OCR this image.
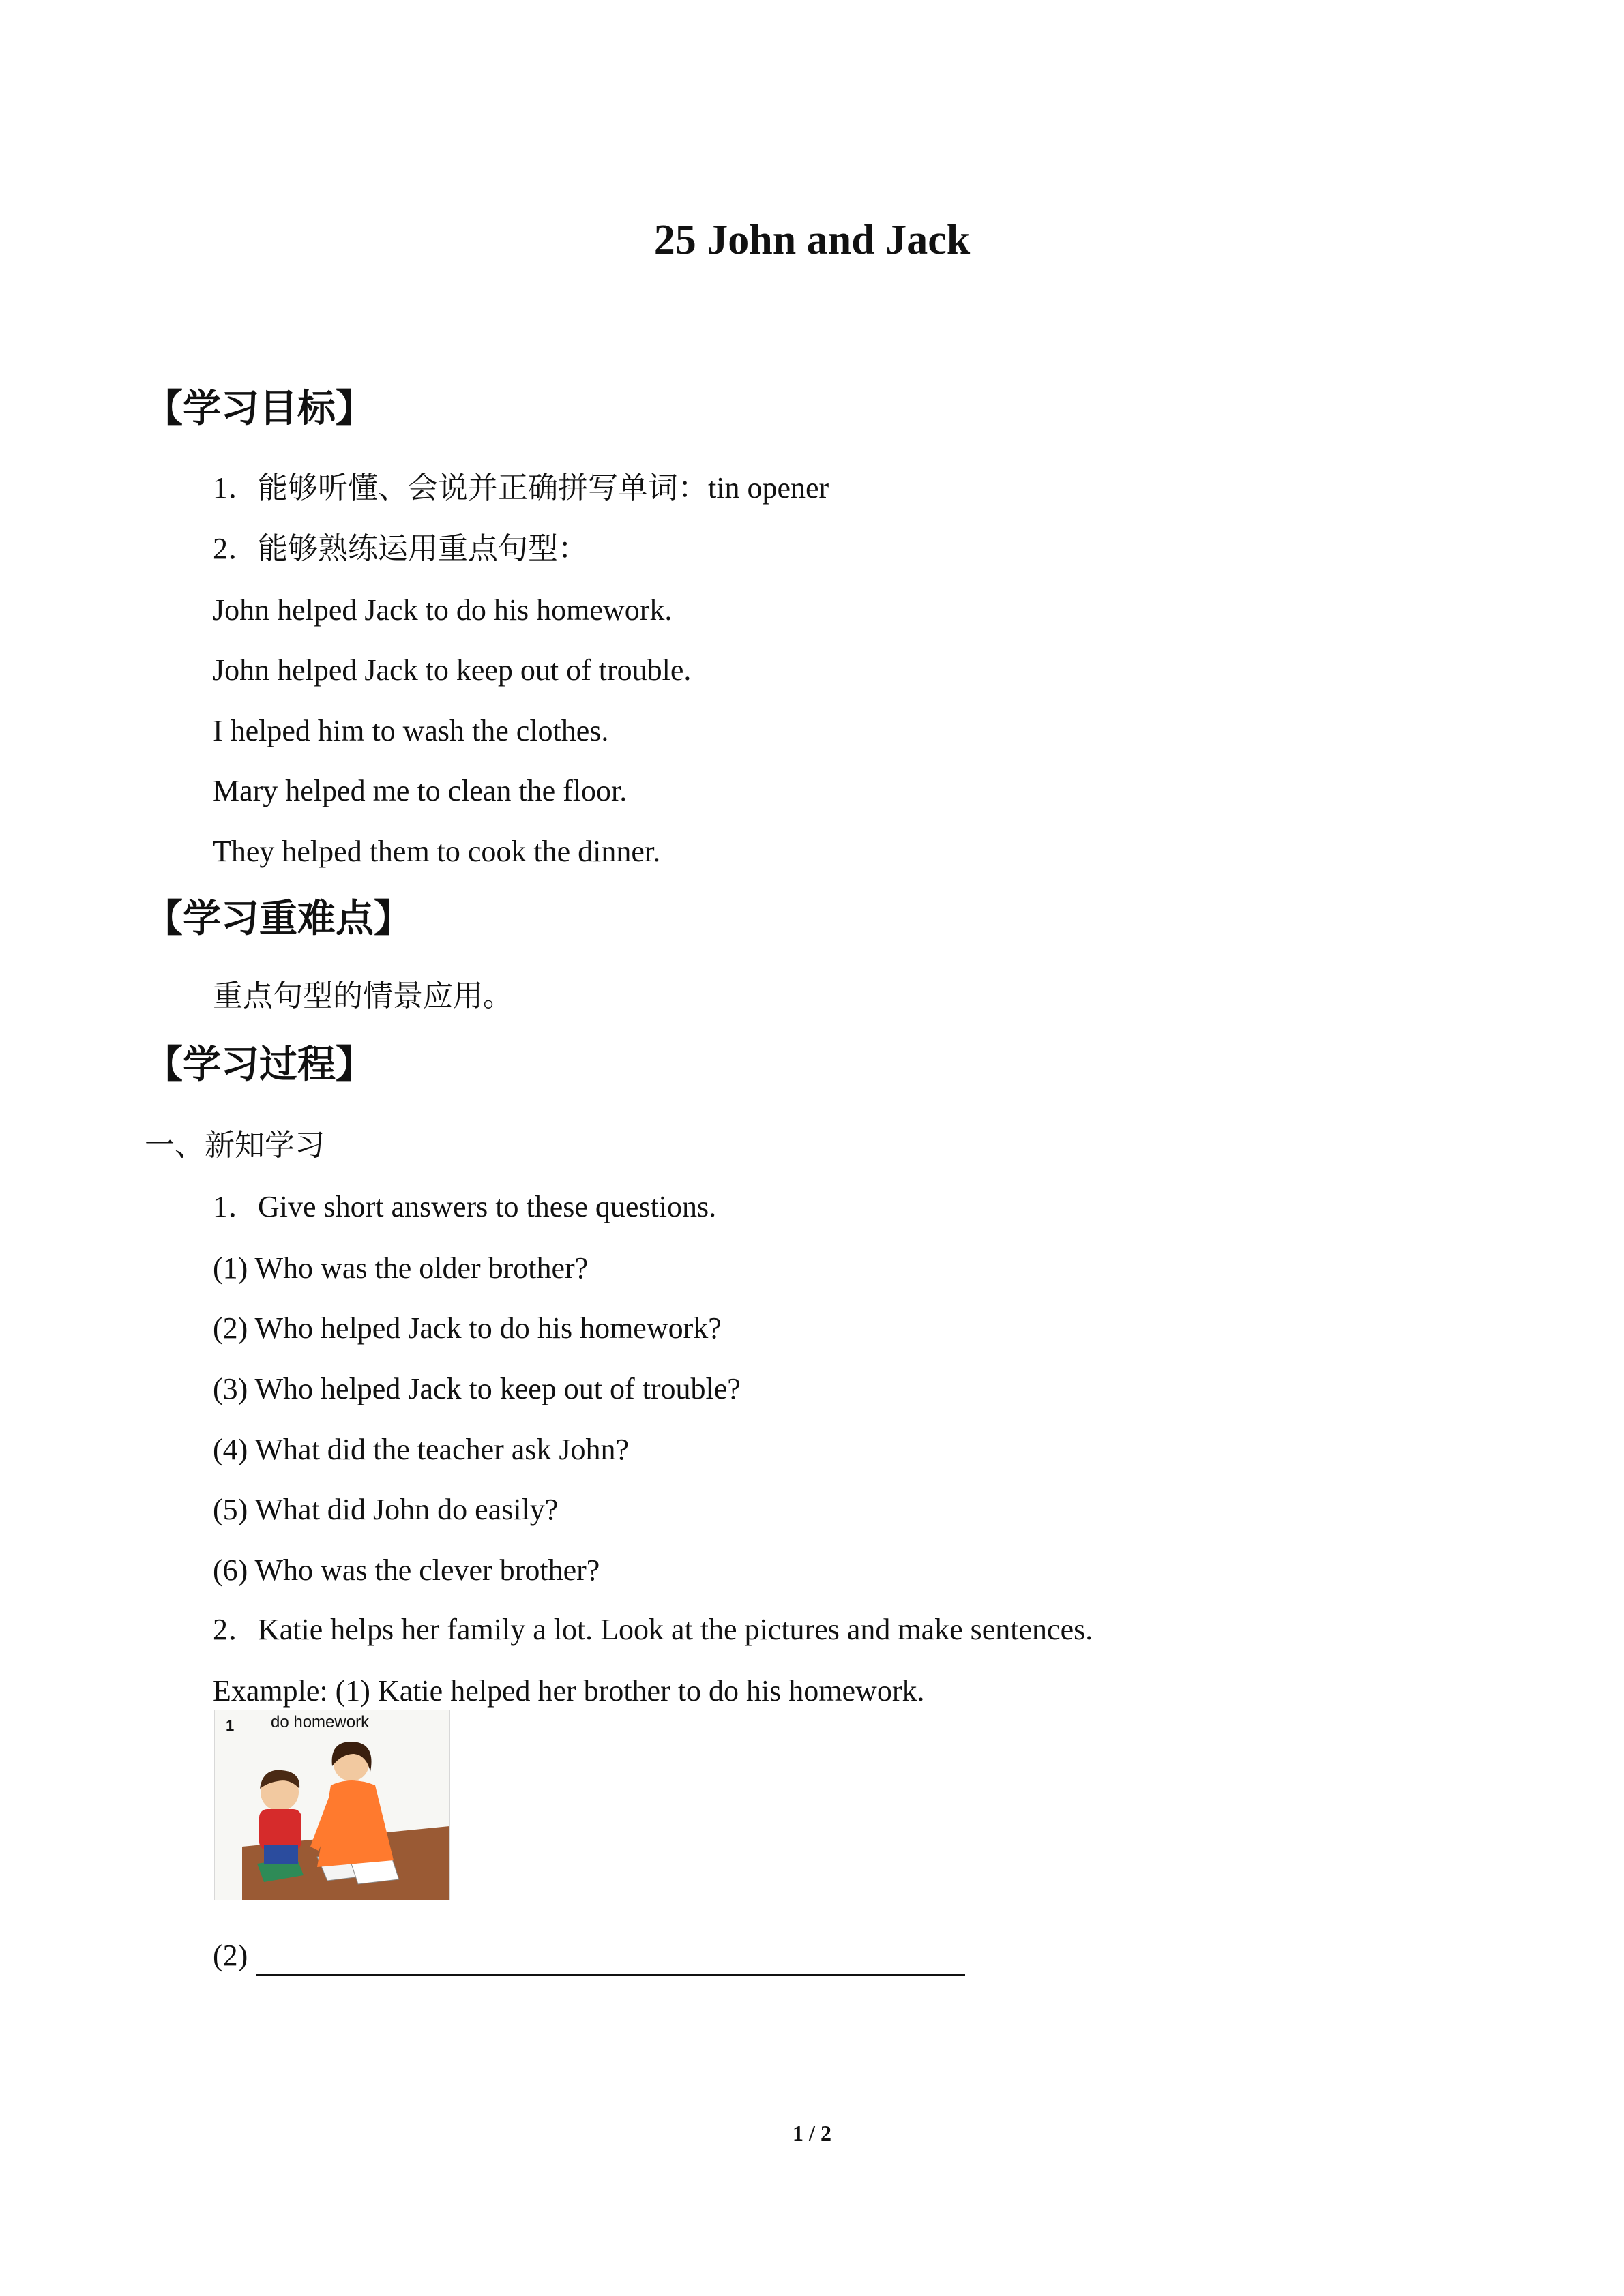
25 John and Jack
【学习目标】
1．能够听懂、会说并正确拼写单词：tin opener
2．能够熟练运用重点句型：
John helped Jack to do his homework.
John helped Jack to keep out of trouble.
I helped him to wash the clothes.
Mary helped me to clean the floor.
They helped them to cook the dinner.
【学习重难点】
重点句型的情景应用。
【学习过程】
一、新知学习
1．Give short answers to these questions.
(1) Who was the older brother?
(2) Who helped Jack to do his homework?
(3) Who helped Jack to keep out of trouble?
(4) What did the teacher ask John?
(5) What did John do easily?
(6) Who was the clever brother?
2．Katie helps her family a lot. Look at the pictures and make sentences.
Example: (1) Katie helped her brother to do his homework.
1 do homework
(2)
1 / 2
